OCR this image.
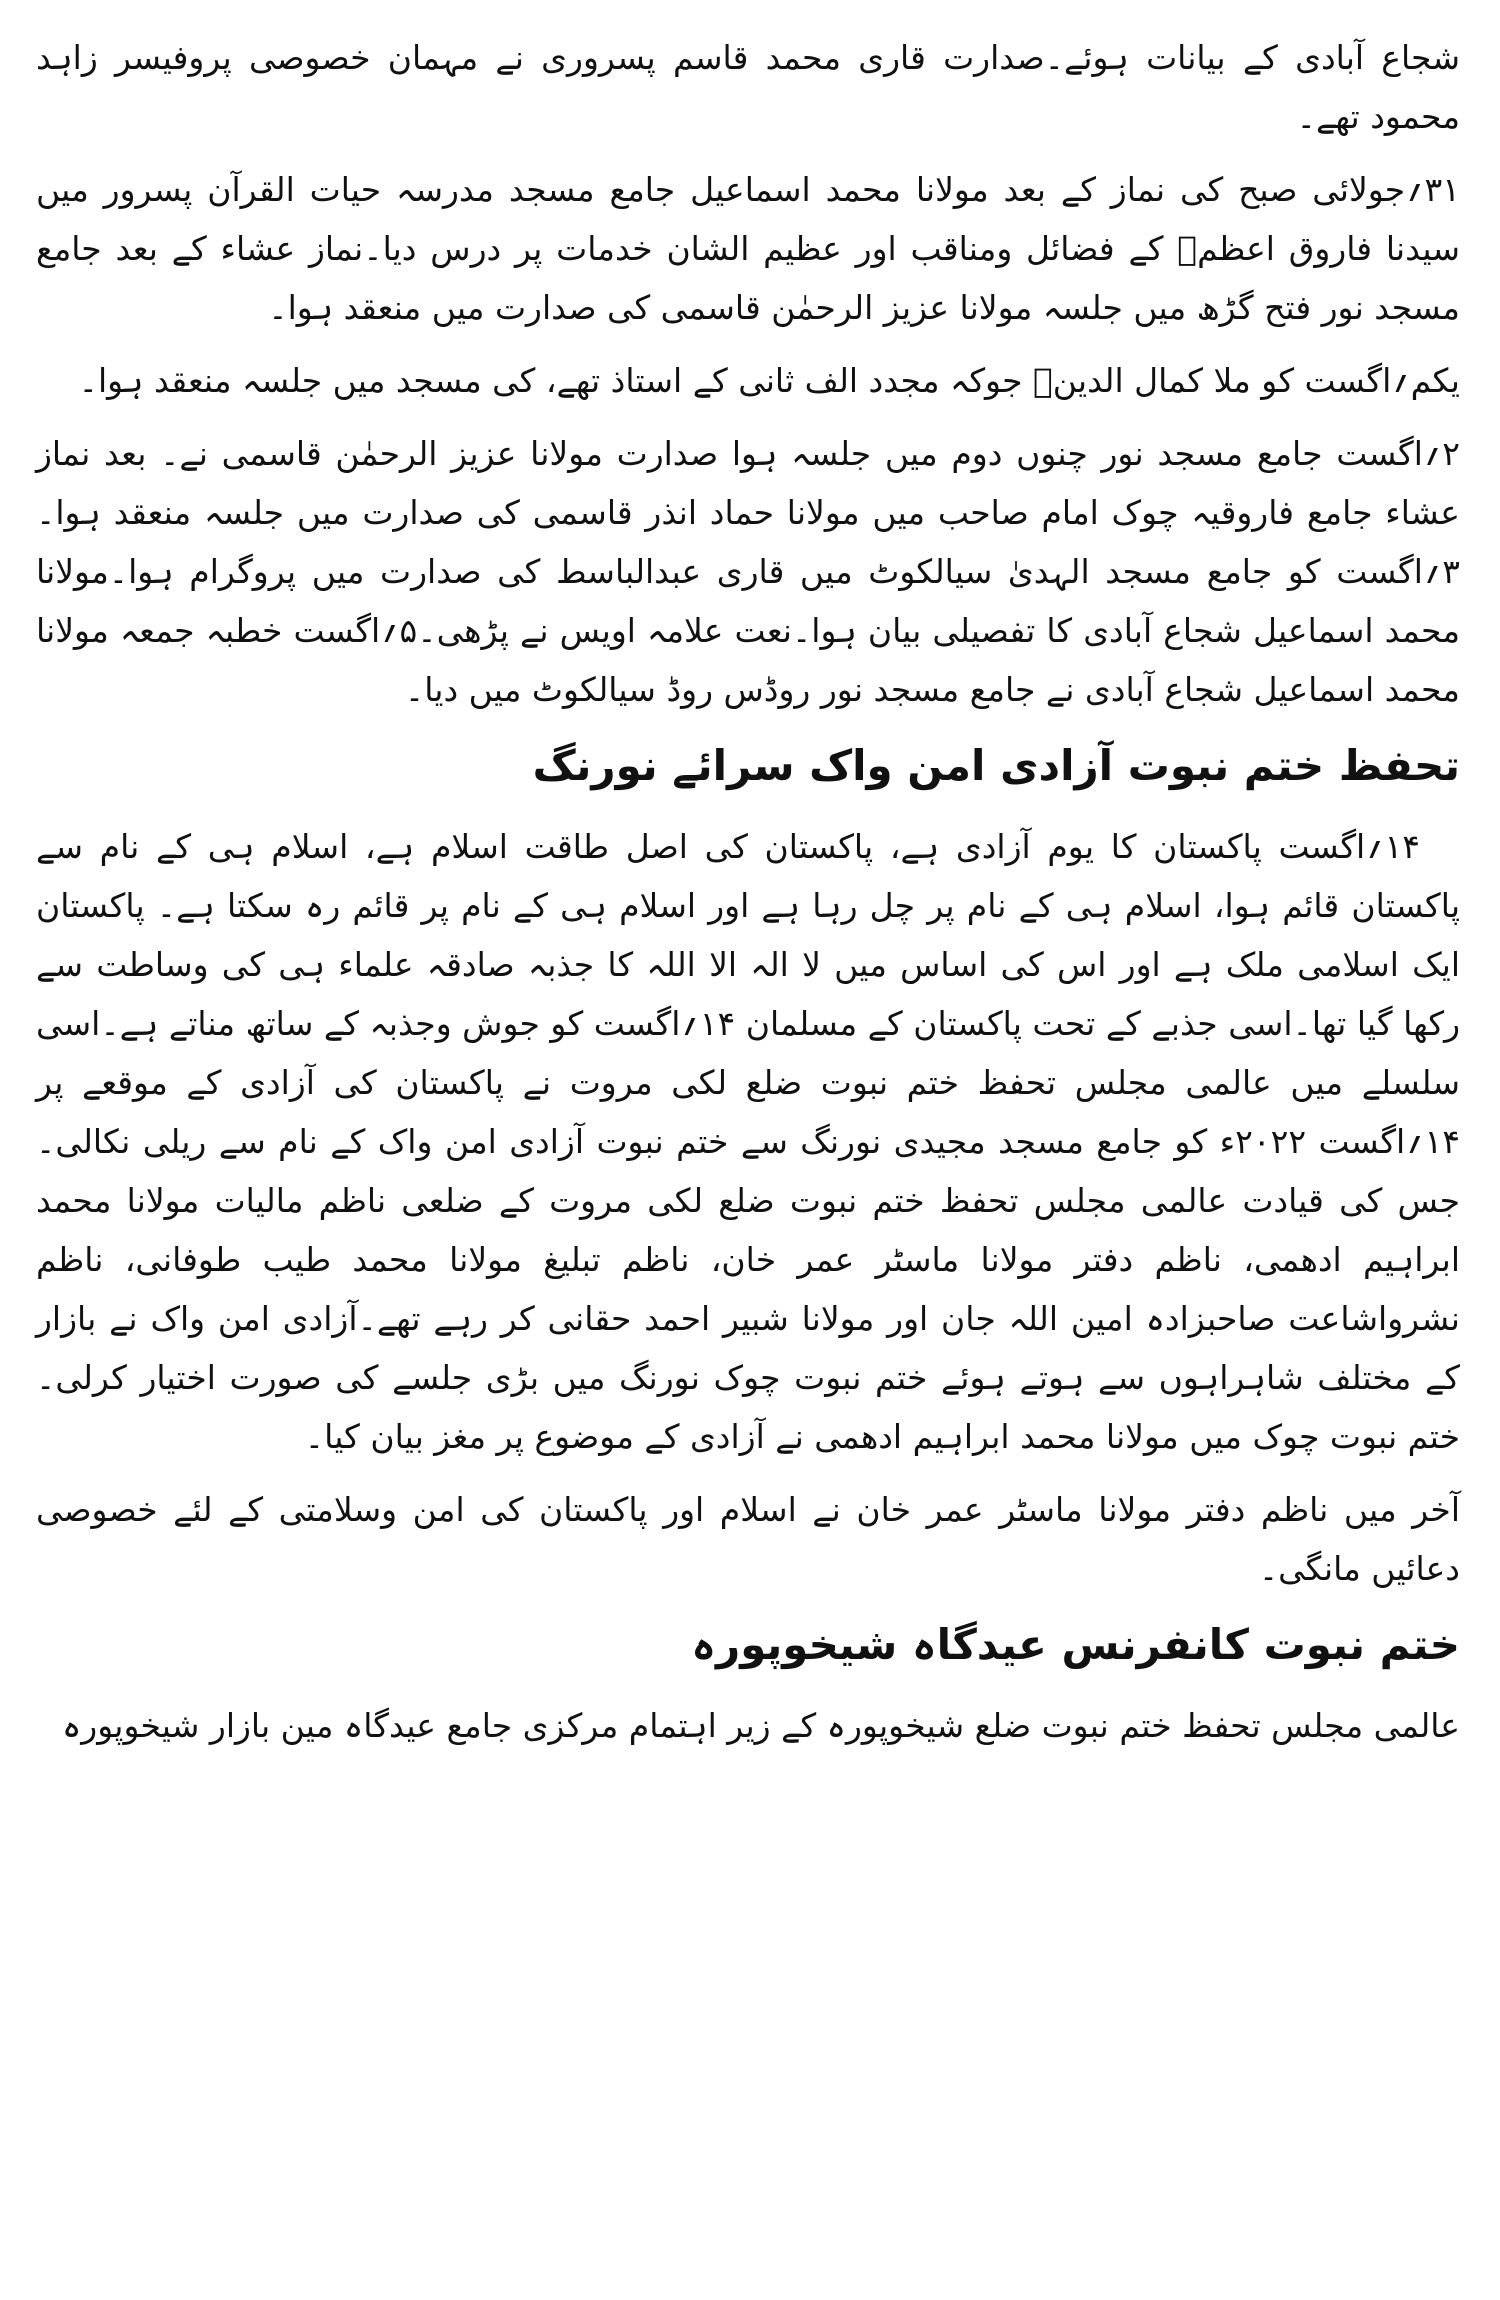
شجاع آبادی کے بیانات ہوئے۔صدارت قاری محمد قاسم پسروری نے مہمان خصوصی پروفیسر زاہد محمود تھے۔

۳۱؍جولائی صبح کی نماز کے بعد مولانا محمد اسماعیل جامع مسجد مدرسہ حیات القرآن پسرور میں سیدنا فاروق اعظمؓ کے فضائل ومناقب اور عظیم الشان خدمات پر درس دیا۔نماز عشاء کے بعد جامع مسجد نور فتح گڑھ میں جلسہ مولانا عزیز الرحمٰن قاسمی کی صدارت میں منعقد ہوا۔

یکم؍اگست کو ملا کمال الدینؒ جوکہ مجدد الف ثانی کے استاذ تھے، کی مسجد میں جلسہ منعقد ہوا۔

۲؍اگست جامع مسجد نور چنوں دوم میں جلسہ ہوا صدارت مولانا عزیز الرحمٰن قاسمی نے۔ بعد نماز عشاء جامع فاروقیہ چوک امام صاحب میں مولانا حماد انذر قاسمی کی صدارت میں جلسہ منعقد ہوا۔۳؍اگست کو جامع مسجد الہدیٰ سیالکوٹ میں قاری عبدالباسط کی صدارت میں پروگرام ہوا۔مولانا محمد اسماعیل شجاع آبادی کا تفصیلی بیان ہوا۔نعت علامہ اویس نے پڑھی۔۵؍اگست خطبہ جمعہ مولانا محمد اسماعیل شجاع آبادی نے جامع مسجد نور روڈس روڈ سیالکوٹ میں دیا۔

تحفظ ختم نبوت آزادی امن واک سرائے نورنگ

۱۴؍اگست پاکستان کا یوم آزادی ہے، پاکستان کی اصل طاقت اسلام ہے، اسلام ہی کے نام سے پاکستان قائم ہوا، اسلام ہی کے نام پر چل رہا ہے اور اسلام ہی کے نام پر قائم رہ سکتا ہے۔ پاکستان ایک اسلامی ملک ہے اور اس کی اساس میں لا الہ الا اللہ کا جذبہ صادقہ علماء ہی کی وساطت سے رکھا گیا تھا۔اسی جذبے کے تحت پاکستان کے مسلمان ۱۴؍اگست کو جوش وجذبہ کے ساتھ مناتے ہے۔اسی سلسلے میں عالمی مجلس تحفظ ختم نبوت ضلع لکی مروت نے پاکستان کی آزادی کے موقعے پر ۱۴؍اگست ۲۰۲۲ء کو جامع مسجد مجیدی نورنگ سے ختم نبوت آزادی امن واک کے نام سے ریلی نکالی۔جس کی قیادت عالمی مجلس تحفظ ختم نبوت ضلع لکی مروت کے ضلعی ناظم مالیات مولانا محمد ابراہیم ادھمی، ناظم دفتر مولانا ماسٹر عمر خان، ناظم تبلیغ مولانا محمد طیب طوفانی، ناظم نشرواشاعت صاحبزادہ امین اللہ جان اور مولانا شبیر احمد حقانی کر رہے تھے۔آزادی امن واک نے بازار کے مختلف شاہراہوں سے ہوتے ہوئے ختم نبوت چوک نورنگ میں بڑی جلسے کی صورت اختیار کرلی۔ختم نبوت چوک میں مولانا محمد ابراہیم ادھمی نے آزادی کے موضوع پر مغز بیان کیا۔

آخر میں ناظم دفتر مولانا ماسٹر عمر خان نے اسلام اور پاکستان کی امن وسلامتی کے لئے خصوصی دعائیں مانگی۔

ختم نبوت کانفرنس عیدگاہ شیخوپورہ

عالمی مجلس تحفظ ختم نبوت ضلع شیخوپورہ کے زیر اہتمام مرکزی جامع عیدگاہ مین بازار شیخوپورہ
